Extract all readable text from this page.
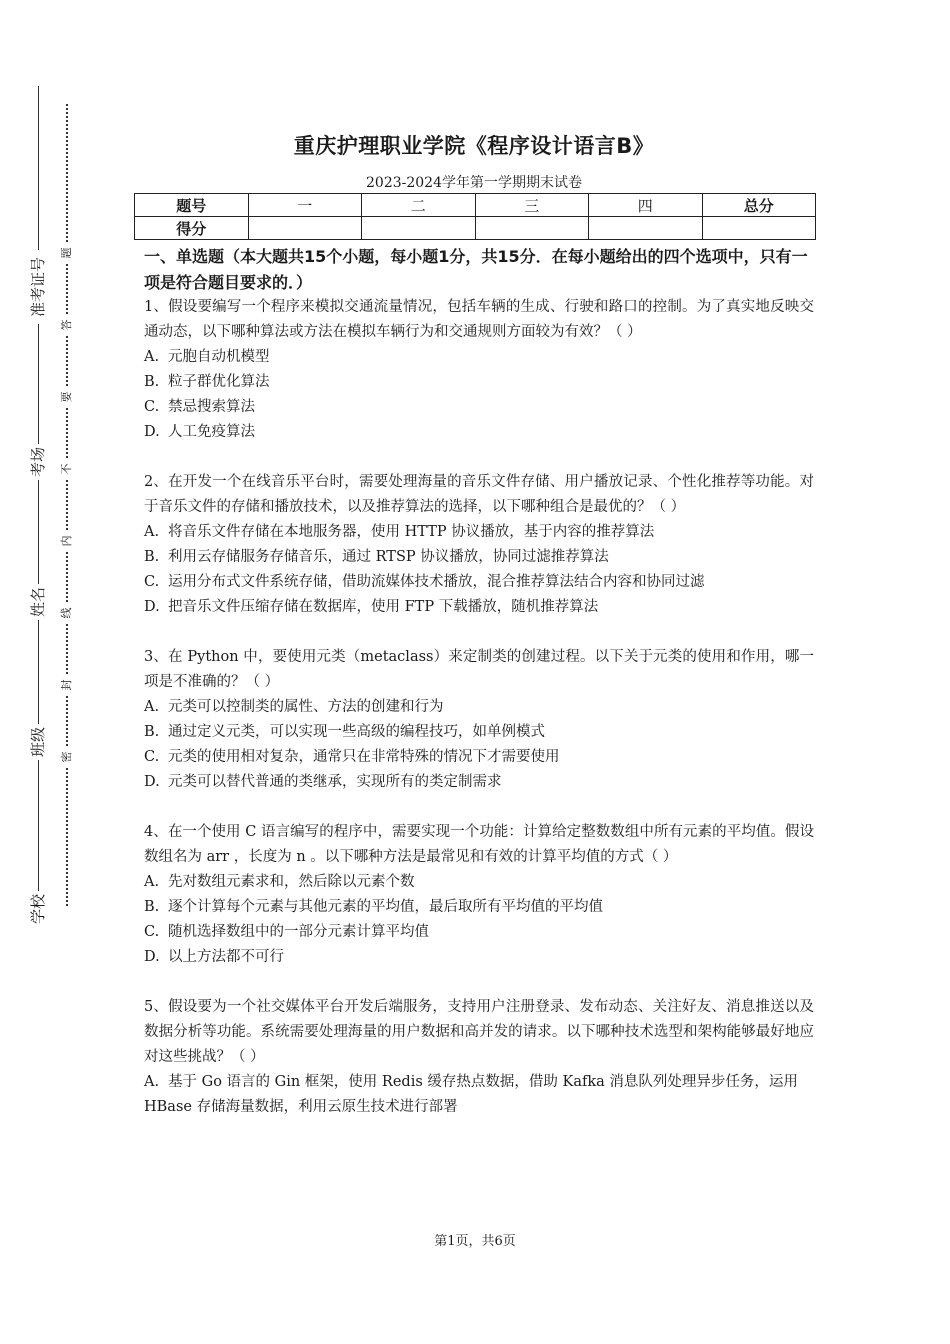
准考证号
考场
姓名
班级
学校
题
答
要
不
内
线
封
密
重庆护理职业学院《程序设计语言B》
2023-2024学年第一学期期末试卷
题号	一	二	三	四	总分
得分					
一、单选题（本大题共15个小题，每小题1分，共15分．在每小题给出的四个选项中，只有一项是符合题目要求的．）

1、假设要编写一个程序来模拟交通流量情况，包括车辆的生成、行驶和路口的控制。为了真实地反映交通动态，以下哪种算法或方法在模拟车辆行为和交通规则方面较为有效？（ ）

A. 元胞自动机模型

B. 粒子群优化算法

C. 禁忌搜索算法

D. 人工免疫算法

2、在开发一个在线音乐平台时，需要处理海量的音乐文件存储、用户播放记录、个性化推荐等功能。对于音乐文件的存储和播放技术，以及推荐算法的选择，以下哪种组合是最优的？（ ）

A. 将音乐文件存储在本地服务器，使用 HTTP 协议播放，基于内容的推荐算法

B. 利用云存储服务存储音乐，通过 RTSP 协议播放，协同过滤推荐算法

C. 运用分布式文件系统存储，借助流媒体技术播放，混合推荐算法结合内容和协同过滤

D. 把音乐文件压缩存储在数据库，使用 FTP 下载播放，随机推荐算法

3、在 Python 中，要使用元类（metaclass）来定制类的创建过程。以下关于元类的使用和作用，哪一项是不准确的？（ ）

A. 元类可以控制类的属性、方法的创建和行为

B. 通过定义元类，可以实现一些高级的编程技巧，如单例模式

C. 元类的使用相对复杂，通常只在非常特殊的情况下才需要使用

D. 元类可以替代普通的类继承，实现所有的类定制需求

4、在一个使用 C 语言编写的程序中，需要实现一个功能：计算给定整数数组中所有元素的平均值。假设数组名为 arr ，长度为 n 。以下哪种方法是最常见和有效的计算平均值的方式（ ）

A. 先对数组元素求和，然后除以元素个数

B. 逐个计算每个元素与其他元素的平均值，最后取所有平均值的平均值

C. 随机选择数组中的一部分元素计算平均值

D. 以上方法都不可行

5、假设要为一个社交媒体平台开发后端服务，支持用户注册登录、发布动态、关注好友、消息推送以及数据分析等功能。系统需要处理海量的用户数据和高并发的请求。以下哪种技术选型和架构能够最好地应对这些挑战？（ ）

A. 基于 Go 语言的 Gin 框架，使用 Redis 缓存热点数据，借助 Kafka 消息队列处理异步任务，运用 HBase 存储海量数据，利用云原生技术进行部署

第1页，共6页
